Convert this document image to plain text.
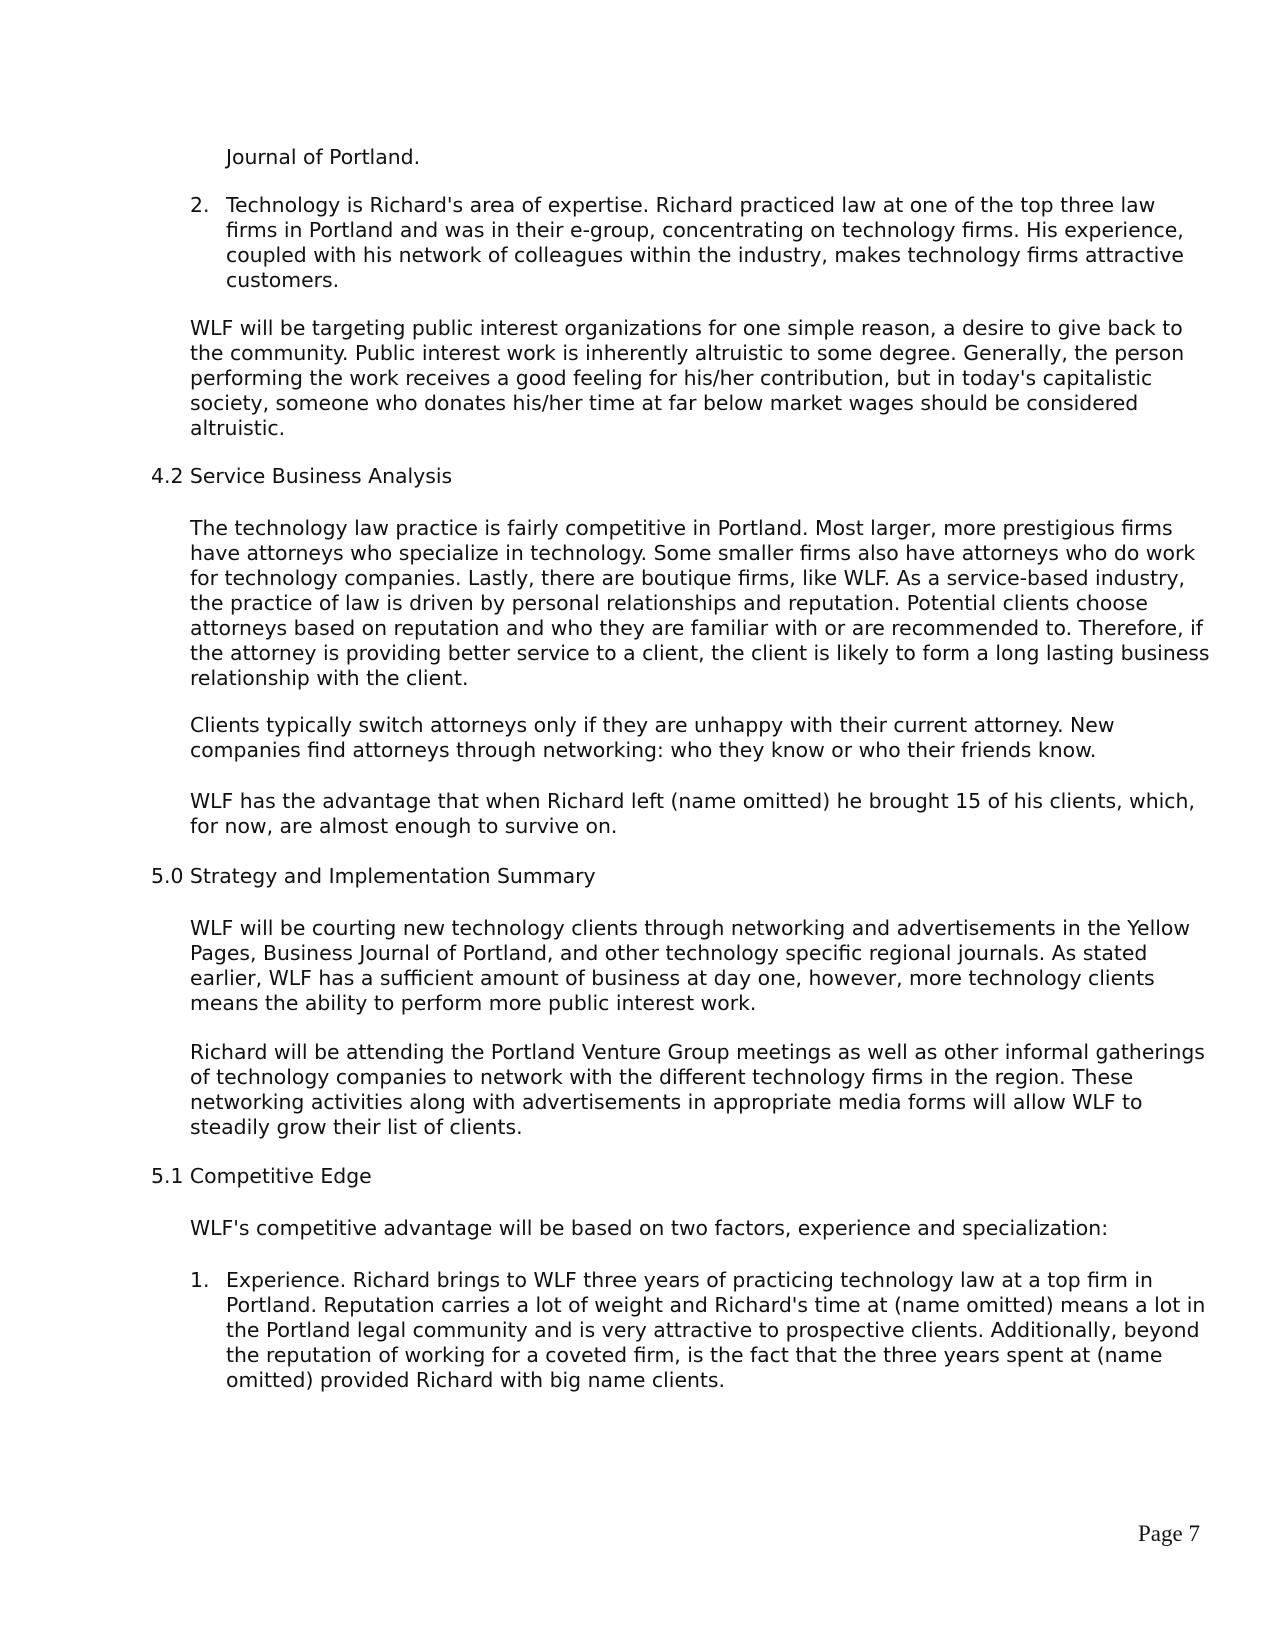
Journal of Portland.

2. Technology is Richard's area of expertise. Richard practiced law at one of the top three law firms in Portland and was in their e-group, concentrating on technology firms. His experience, coupled with his network of colleagues within the industry, makes technology firms attractive customers.

WLF will be targeting public interest organizations for one simple reason, a desire to give back to the community. Public interest work is inherently altruistic to some degree. Generally, the person performing the work receives a good feeling for his/her contribution, but in today's capitalistic society, someone who donates his/her time at far below market wages should be considered altruistic.

4.2 Service Business Analysis

The technology law practice is fairly competitive in Portland. Most larger, more prestigious firms have attorneys who specialize in technology. Some smaller firms also have attorneys who do work for technology companies. Lastly, there are boutique firms, like WLF. As a service-based industry, the practice of law is driven by personal relationships and reputation. Potential clients choose attorneys based on reputation and who they are familiar with or are recommended to. Therefore, if the attorney is providing better service to a client, the client is likely to form a long lasting business relationship with the client.

Clients typically switch attorneys only if they are unhappy with their current attorney. New companies find attorneys through networking: who they know or who their friends know.

WLF has the advantage that when Richard left (name omitted) he brought 15 of his clients, which, for now, are almost enough to survive on.

5.0 Strategy and Implementation Summary

WLF will be courting new technology clients through networking and advertisements in the Yellow Pages, Business Journal of Portland, and other technology specific regional journals. As stated earlier, WLF has a sufficient amount of business at day one, however, more technology clients means the ability to perform more public interest work.

Richard will be attending the Portland Venture Group meetings as well as other informal gatherings of technology companies to network with the different technology firms in the region. These networking activities along with advertisements in appropriate media forms will allow WLF to steadily grow their list of clients.

5.1 Competitive Edge

WLF's competitive advantage will be based on two factors, experience and specialization:

1. Experience. Richard brings to WLF three years of practicing technology law at a top firm in Portland. Reputation carries a lot of weight and Richard's time at (name omitted) means a lot in the Portland legal community and is very attractive to prospective clients. Additionally, beyond the reputation of working for a coveted firm, is the fact that the three years spent at (name omitted) provided Richard with big name clients.

Page 7
